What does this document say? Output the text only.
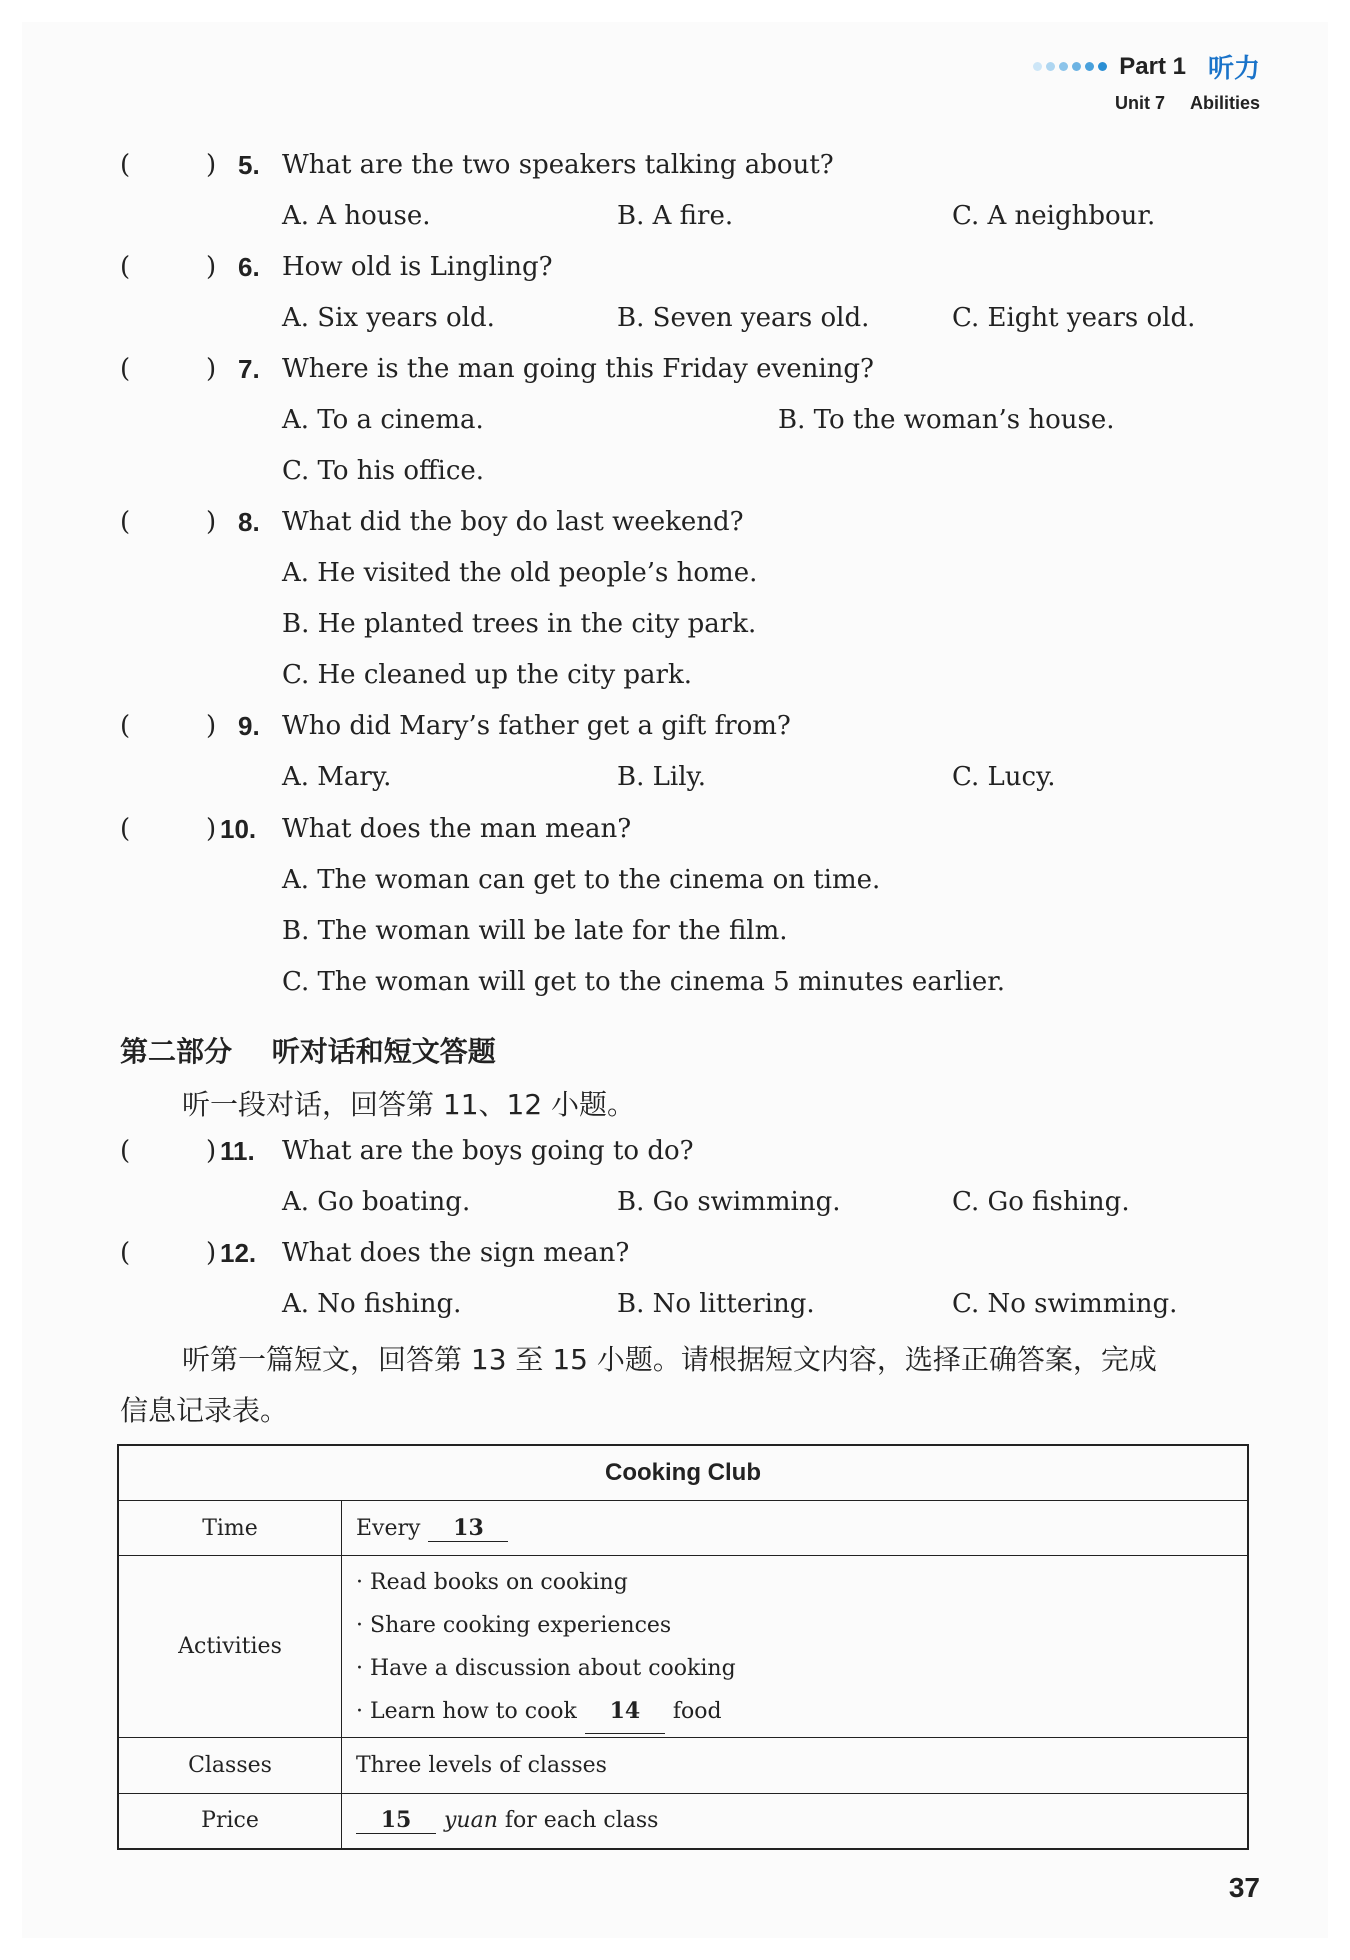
Part 1 听力
Unit 7 Abilities
(	) 5. What are the two speakers talking about?
A. A house.	B. A fire.	C. A neighbour.
(	) 6. How old is Lingling?
A. Six years old.	B. Seven years old.	C. Eight years old.
(	) 7. Where is the man going this Friday evening?
A. To a cinema.	B. To the woman’s house.
C. To his office.
(	) 8. What did the boy do last weekend?
A. He visited the old people’s home.
B. He planted trees in the city park.
C. He cleaned up the city park.
(	) 9. Who did Mary’s father get a gift from?
A. Mary.	B. Lily.	C. Lucy.
(	) 10. What does the man mean?
A. The woman can get to the cinema on time.
B. The woman will be late for the film.
C. The woman will get to the cinema 5 minutes earlier.
第二部分 听对话和短文答题
听一段对话，回答第 11、12 小题。
(	) 11. What are the boys going to do?
A. Go boating.	B. Go swimming.	C. Go fishing.
(	) 12. What does the sign mean?
A. No fishing.	B. No littering.	C. No swimming.
听第一篇短文，回答第 13 至 15 小题。请根据短文内容，选择正确答案，完成
信息记录表。
Cooking Club	
Time	Every 13
Activities	· Read books on cooking
· Share cooking experiences
· Have a discussion about cooking
· Learn how to cook 14 food

Classes	Three levels of classes
Price	15 yuan for each class
37
